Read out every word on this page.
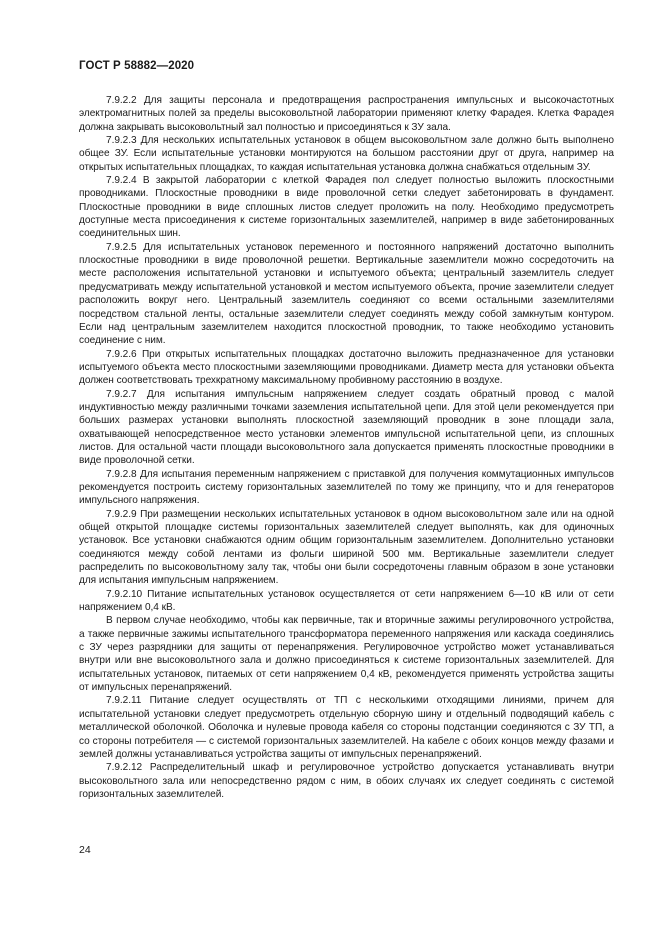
ГОСТ Р 58882—2020

7.9.2.2 Для защиты персонала и предотвращения распространения импульсных и высокочастотных электромагнитных полей за пределы высоковольтной лаборатории применяют клетку Фарадея. Клетка Фарадея должна закрывать высоковольтный зал полностью и присоединяться к ЗУ зала.

7.9.2.3 Для нескольких испытательных установок в общем высоковольтном зале должно быть выполнено общее ЗУ. Если испытательные установки монтируются на большом расстоянии друг от друга, например на открытых испытательных площадках, то каждая испытательная установка должна снабжаться отдельным ЗУ.

7.9.2.4 В закрытой лаборатории с клеткой Фарадея пол следует полностью выложить плоскостными проводниками. Плоскостные проводники в виде проволочной сетки следует забетонировать в фундамент. Плоскостные проводники в виде сплошных листов следует проложить на полу. Необходимо предусмотреть доступные места присоединения к системе горизонтальных заземлителей, например в виде забетонированных соединительных шин.

7.9.2.5 Для испытательных установок переменного и постоянного напряжений достаточно выполнить плоскостные проводники в виде проволочной решетки. Вертикальные заземлители можно сосредоточить на месте расположения испытательной установки и испытуемого объекта; центральный заземлитель следует предусматривать между испытательной установкой и местом испытуемого объекта, прочие заземлители следует расположить вокруг него. Центральный заземлитель соединяют со всеми остальными заземлителями посредством стальной ленты, остальные заземлители следует соединять между собой замкнутым контуром. Если над центральным заземлителем находится плоскостной проводник, то также необходимо установить соединение с ним.

7.9.2.6 При открытых испытательных площадках достаточно выложить предназначенное для установки испытуемого объекта место плоскостными заземляющими проводниками. Диаметр места для установки объекта должен соответствовать трехкратному максимальному пробивному расстоянию в воздухе.

7.9.2.7 Для испытания импульсным напряжением следует создать обратный провод с малой индуктивностью между различными точками заземления испытательной цепи. Для этой цели рекомендуется при больших размерах установки выполнять плоскостной заземляющий проводник в зоне площади зала, охватывающей непосредственное место установки элементов импульсной испытательной цепи, из сплошных листов. Для остальной части площади высоковольтного зала допускается применять плоскостные проводники в виде проволочной сетки.

7.9.2.8 Для испытания переменным напряжением с приставкой для получения коммутационных импульсов рекомендуется построить систему горизонтальных заземлителей по тому же принципу, что и для генераторов импульсного напряжения.

7.9.2.9 При размещении нескольких испытательных установок в одном высоковольтном зале или на одной общей открытой площадке системы горизонтальных заземлителей следует выполнять, как для одиночных установок. Все установки снабжаются одним общим горизонтальным заземлителем. Дополнительно установки соединяются между собой лентами из фольги шириной 500 мм. Вертикальные заземлители следует распределить по высоковольтному залу так, чтобы они были сосредоточены главным образом в зоне установки для испытания импульсным напряжением.

7.9.2.10 Питание испытательных установок осуществляется от сети напряжением 6—10 кВ или от сети напряжением 0,4 кВ.

В первом случае необходимо, чтобы как первичные, так и вторичные зажимы регулировочного устройства, а также первичные зажимы испытательного трансформатора переменного напряжения или каскада соединялись с ЗУ через разрядники для защиты от перенапряжения. Регулировочное устройство может устанавливаться внутри или вне высоковольтного зала и должно присоединяться к системе горизонтальных заземлителей. Для испытательных установок, питаемых от сети напряжением 0,4 кВ, рекомендуется применять устройства защиты от импульсных перенапряжений.

7.9.2.11 Питание следует осуществлять от ТП с несколькими отходящими линиями, причем для испытательной установки следует предусмотреть отдельную сборную шину и отдельный подводящий кабель с металлической оболочкой. Оболочка и нулевые провода кабеля со стороны подстанции соединяются с ЗУ ТП, а со стороны потребителя — с системой горизонтальных заземлителей. На кабеле с обоих концов между фазами и землей должны устанавливаться устройства защиты от импульсных перенапряжений.

7.9.2.12 Распределительный шкаф и регулировочное устройство допускается устанавливать внутри высоковольтного зала или непосредственно рядом с ним, в обоих случаях их следует соединять с системой горизонтальных заземлителей.

24
